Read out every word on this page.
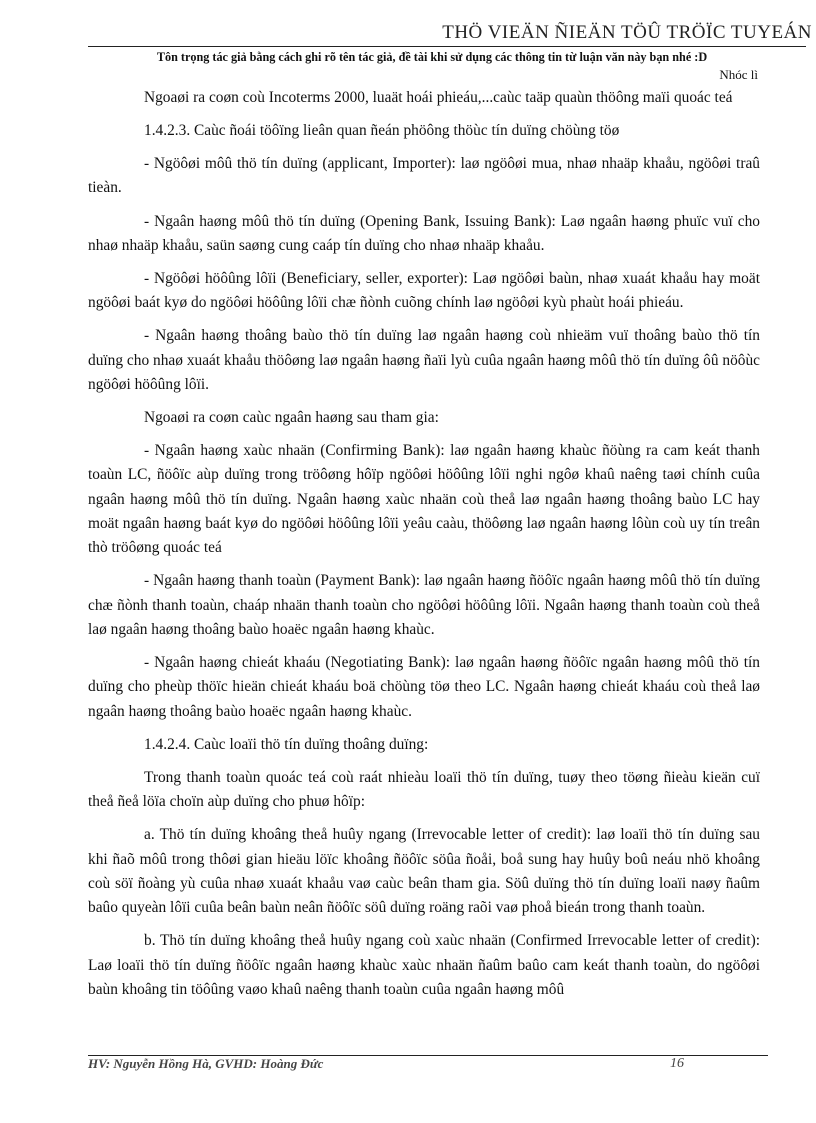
THÖ VIEÄN ÑIEÄN TÖÛ TRÖÏC TUYEÁN
Tôn trọng tác giả bằng cách ghi rõ tên tác giả, đề tài khi sử dụng các thông tin từ luận văn này bạn nhé :D
Nhóc lì

Ngoaøi ra coøn coù Incoterms 2000, luaät hoái phieáu,...caùc taäp quaùn thöông maïi quoác teá

1.4.2.3. Caùc ñoái töôïng lieân quan ñeán phöông thöùc tín duïng chöùng töø

- Ngöôøi môû thö tín duïng (applicant, Importer): laø ngöôøi mua, nhaø nhaäp khaåu, ngöôøi traû tieàn.

- Ngaân haøng môû thö tín duïng (Opening Bank, Issuing Bank): Laø ngaân haøng phuïc vuï cho nhaø nhaäp khaåu, saün saøng cung caáp tín duïng cho nhaø nhaäp khaåu.

- Ngöôøi höôûng lôïi (Beneficiary, seller, exporter): Laø ngöôøi baùn, nhaø xuaát khaåu hay moät ngöôøi baát kyø do ngöôøi höôûng lôïi chæ ñònh cuõng chính laø ngöôøi kyù phaùt hoái phieáu.

- Ngaân haøng thoâng baùo thö tín duïng laø ngaân haøng coù nhieäm vuï thoâng baùo thö tín duïng cho nhaø xuaát khaåu thöôøng laø ngaân haøng ñaïi lyù cuûa ngaân haøng môû thö tín duïng ôû nöôùc ngöôøi höôûng lôïi.

Ngoaøi ra coøn caùc ngaân haøng sau tham gia:

- Ngaân haøng xaùc nhaän (Confirming Bank): laø ngaân haøng khaùc ñöùng ra cam keát thanh toaùn LC, ñöôïc aùp duïng trong tröôøng hôïp ngöôøi höôûng lôïi nghi ngôø khaû naêng taøi chính cuûa ngaân haøng môû thö tín duïng. Ngaân haøng xaùc nhaän coù theå laø ngaân haøng thoâng baùo LC hay moät ngaân haøng baát kyø do ngöôøi höôûng lôïi yeâu caàu, thöôøng laø ngaân haøng lôùn coù uy tín treân thò tröôøng quoác teá

- Ngaân haøng thanh toaùn (Payment Bank): laø ngaân haøng ñöôïc ngaân haøng môû thö tín duïng chæ ñònh thanh toaùn, chaáp nhaän thanh toaùn cho ngöôøi höôûng lôïi. Ngaân haøng thanh toaùn coù theå laø ngaân haøng thoâng baùo hoaëc ngaân haøng khaùc.

- Ngaân haøng chieát khaáu (Negotiating Bank): laø ngaân haøng ñöôïc ngaân haøng môû thö tín duïng cho pheùp thöïc hieän chieát khaáu boä chöùng töø theo LC. Ngaân haøng chieát khaáu coù theå laø ngaân haøng thoâng baùo hoaëc ngaân haøng khaùc.

1.4.2.4. Caùc loaïi thö tín duïng thoâng duïng:

Trong thanh toaùn quoác teá coù raát nhieàu loaïi thö tín duïng, tuøy theo töøng ñieàu kieän cuï theå ñeå löïa choïn aùp duïng cho phuø hôïp:

a. Thö tín duïng khoâng theå huûy ngang (Irrevocable letter of credit): laø loaïi thö tín duïng sau khi ñaõ môû trong thôøi gian hieäu löïc khoâng ñöôïc söûa ñoåi, boå sung hay huûy boû neáu nhö khoâng coù söï ñoàng yù cuûa nhaø xuaát khaåu vaø caùc beân tham gia. Söû duïng thö tín duïng loaïi naøy ñaûm baûo quyeàn lôïi cuûa beân baùn neân ñöôïc söû duïng roäng raõi vaø phoå bieán trong thanh toaùn.

b. Thö tín duïng khoâng theå huûy ngang coù xaùc nhaän (Confirmed Irrevocable letter of credit): Laø loaïi thö tín duïng ñöôïc ngaân haøng khaùc xaùc nhaän ñaûm baûo cam keát thanh toaùn, do ngöôøi baùn khoâng tin töôûng vaøo khaû naêng thanh toaùn cuûa ngaân haøng môû

HV: Nguyễn Hồng Hà, GVHD: Hoàng Đức	16
